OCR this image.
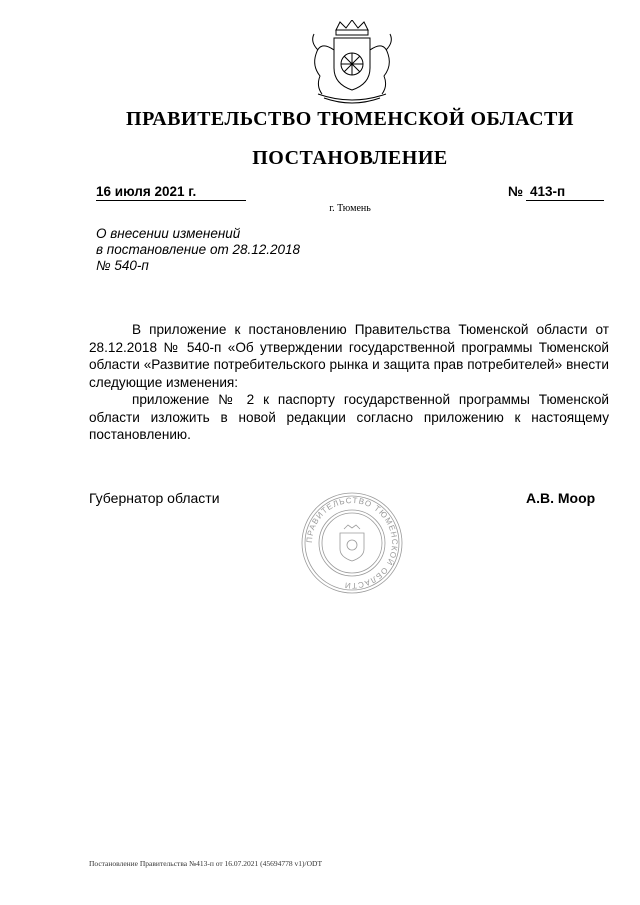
ПРАВИТЕЛЬСТВО ТЮМЕНСКОЙ ОБЛАСТИ
ПОСТАНОВЛЕНИЕ
16 июля 2021 г.	№ 413-п
г. Тюмень
О внесении изменений
в постановление от 28.12.2018
№ 540-п

В приложение к постановлению Правительства Тюменской области от 28.12.2018 № 540-п «Об утверждении государственной программы Тюменской области «Развитие потребительского рынка и защита прав потребителей» внести следующие изменения:

приложение № 2 к паспорту государственной программы Тюменской области изложить в новой редакции согласно приложению к настоящему постановлению.

Губернатор области	А.В. Моор
ПРАВИТЕЛЬСТВО ТЮМЕНСКОЙ ОБЛАСТИ
Постановление Правительства №413-п от 16.07.2021 (45694778 v1)/ODT
